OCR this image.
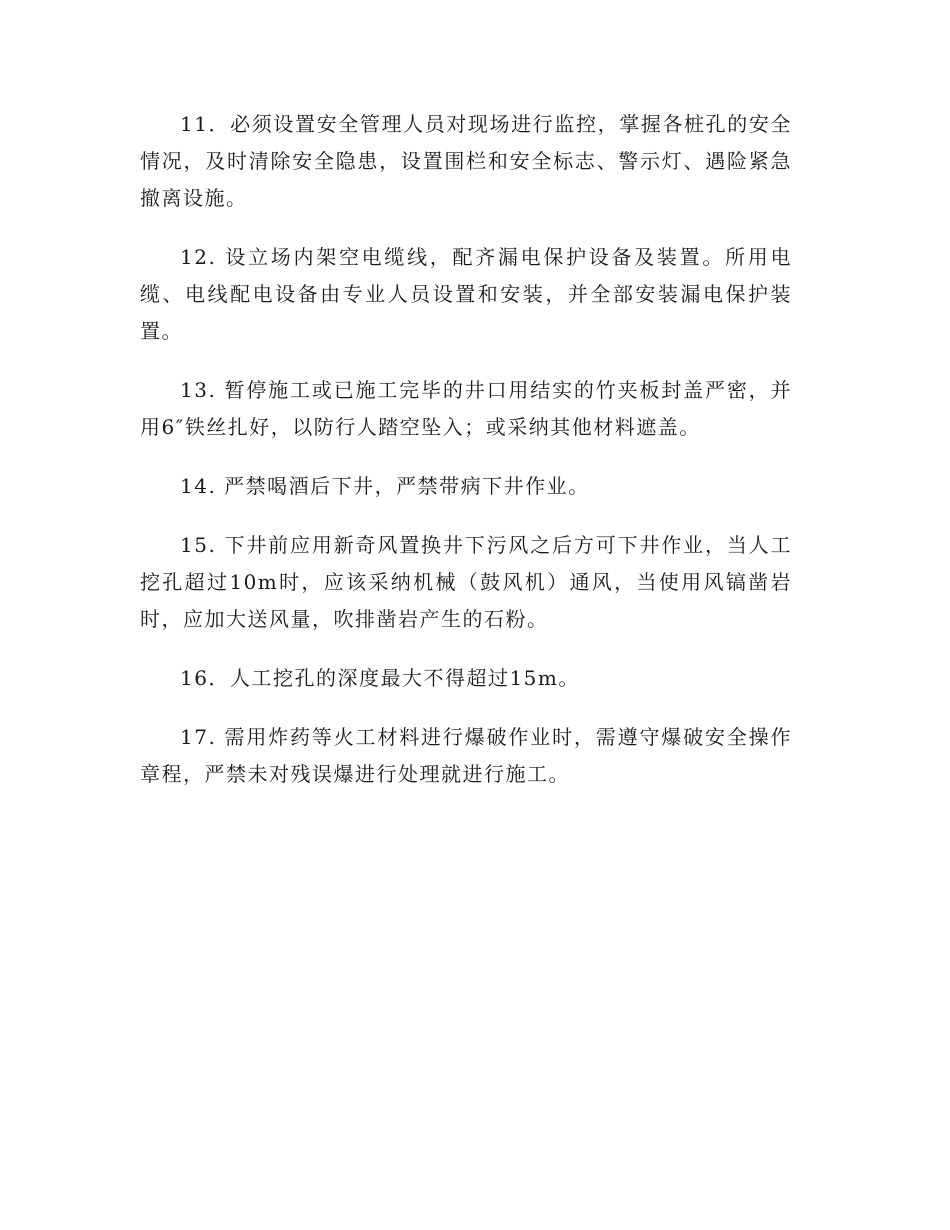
11．必须设置安全管理人员对现场进行监控，掌握各桩孔的安全情况，及时清除安全隐患，设置围栏和安全标志、警示灯、遇险紧急撤离设施。

12. 设立场内架空电缆线，配齐漏电保护设备及装置。所用电缆、电线配电设备由专业人员设置和安装，并全部安装漏电保护装置。

13. 暂停施工或已施工完毕的井口用结实的竹夹板封盖严密，并用6″铁丝扎好，以防行人踏空坠入；或采纳其他材料遮盖。

14. 严禁喝酒后下井，严禁带病下井作业。

15. 下井前应用新奇风置换井下污风之后方可下井作业，当人工挖孔超过10m时，应该采纳机械（鼓风机）通风，当使用风镐凿岩时，应加大送风量，吹排凿岩产生的石粉。

16．人工挖孔的深度最大不得超过15m。

17. 需用炸药等火工材料进行爆破作业时，需遵守爆破安全操作章程，严禁未对残误爆进行处理就进行施工。
